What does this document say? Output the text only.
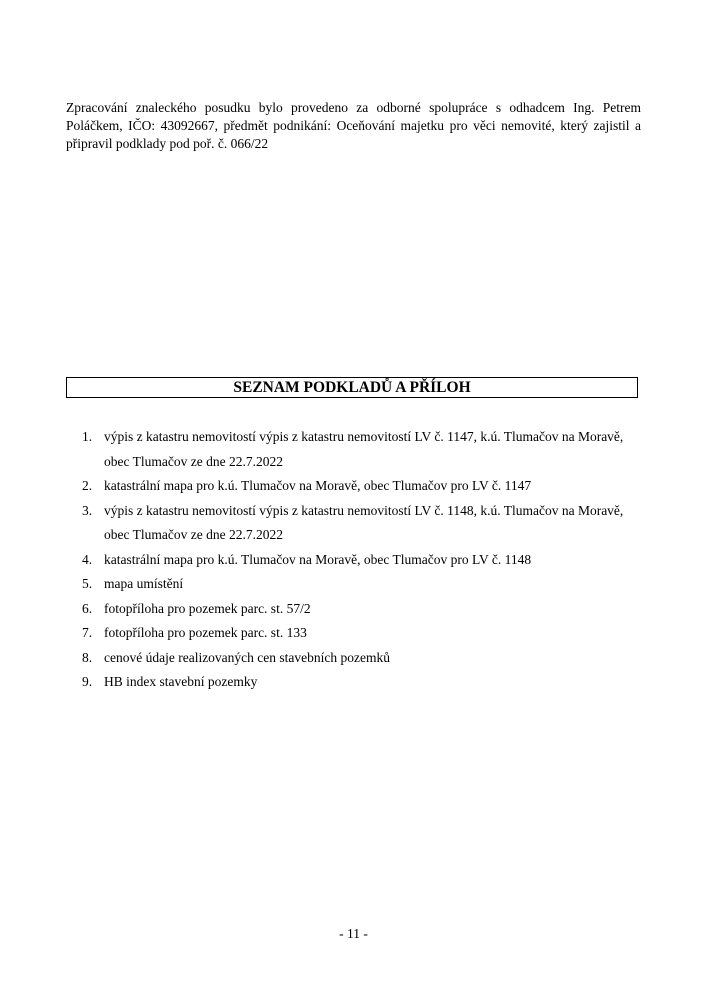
Zpracování znaleckého posudku bylo provedeno za odborné spolupráce s odhadcem Ing. Petrem Poláčkem, IČO: 43092667, předmět podnikání: Oceňování majetku pro věci nemovité, který zajistil a připravil podklady pod poř. č. 066/22

SEZNAM PODKLADŮ A PŘÍLOH
1. výpis z katastru nemovitostí výpis z katastru nemovitostí LV č. 1147, k.ú. Tlumačov na Moravě, obec Tlumačov ze dne 22.7.2022
2. katastrální mapa pro k.ú. Tlumačov na Moravě, obec Tlumačov pro LV č. 1147
3. výpis z katastru nemovitostí výpis z katastru nemovitostí LV č. 1148, k.ú. Tlumačov na Moravě, obec Tlumačov ze dne 22.7.2022
4. katastrální mapa pro k.ú. Tlumačov na Moravě, obec Tlumačov pro LV č. 1148
5. mapa umístění
6. fotopříloha pro pozemek parc. st. 57/2
7. fotopříloha pro pozemek parc. st. 133
8. cenové údaje realizovaných cen stavebních pozemků
9. HB index stavební pozemky
- 11 -
